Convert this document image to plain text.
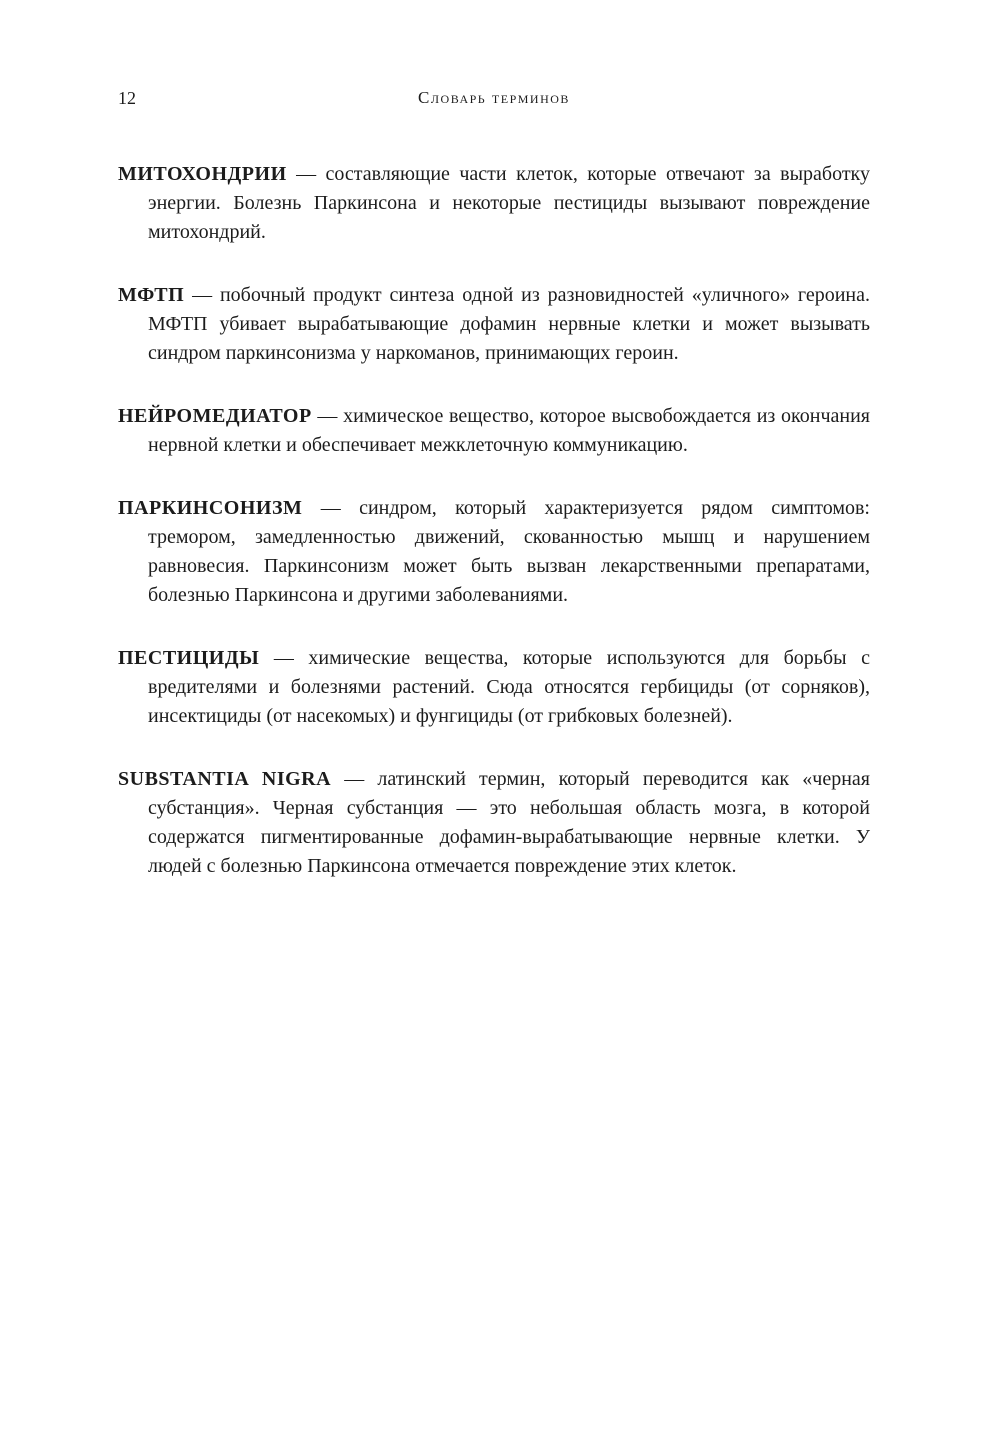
12	Словарь терминов

МИТОХОНДРИИ — составляющие части клеток, которые отвечают за выработку энергии. Болезнь Паркинсона и некоторые пестициды вызывают повреждение митохондрий.

МФТП — побочный продукт синтеза одной из разновидностей «уличного» героина. МФТП убивает вырабатывающие дофамин нервные клетки и может вызывать синдром паркинсонизма у наркоманов, принимающих героин.

НЕЙРОМЕДИАТОР — химическое вещество, которое высвобождается из окончания нервной клетки и обеспечивает межклеточную коммуникацию.

ПАРКИНСОНИЗМ — синдром, который характеризуется рядом симптомов: тремором, замедленностью движений, скованностью мышц и нарушением равновесия. Паркинсонизм может быть вызван лекарственными препаратами, болезнью Паркинсона и другими заболеваниями.

ПЕСТИЦИДЫ — химические вещества, которые используются для борьбы с вредителями и болезнями растений. Сюда относятся гербициды (от сорняков), инсектициды (от насекомых) и фунгициды (от грибковых болезней).

SUBSTANTIA NIGRA — латинский термин, который переводится как «черная субстанция». Черная субстанция — это небольшая область мозга, в которой содержатся пигментированные дофамин-вырабатывающие нервные клетки. У людей с болезнью Паркинсона отмечается повреждение этих клеток.
